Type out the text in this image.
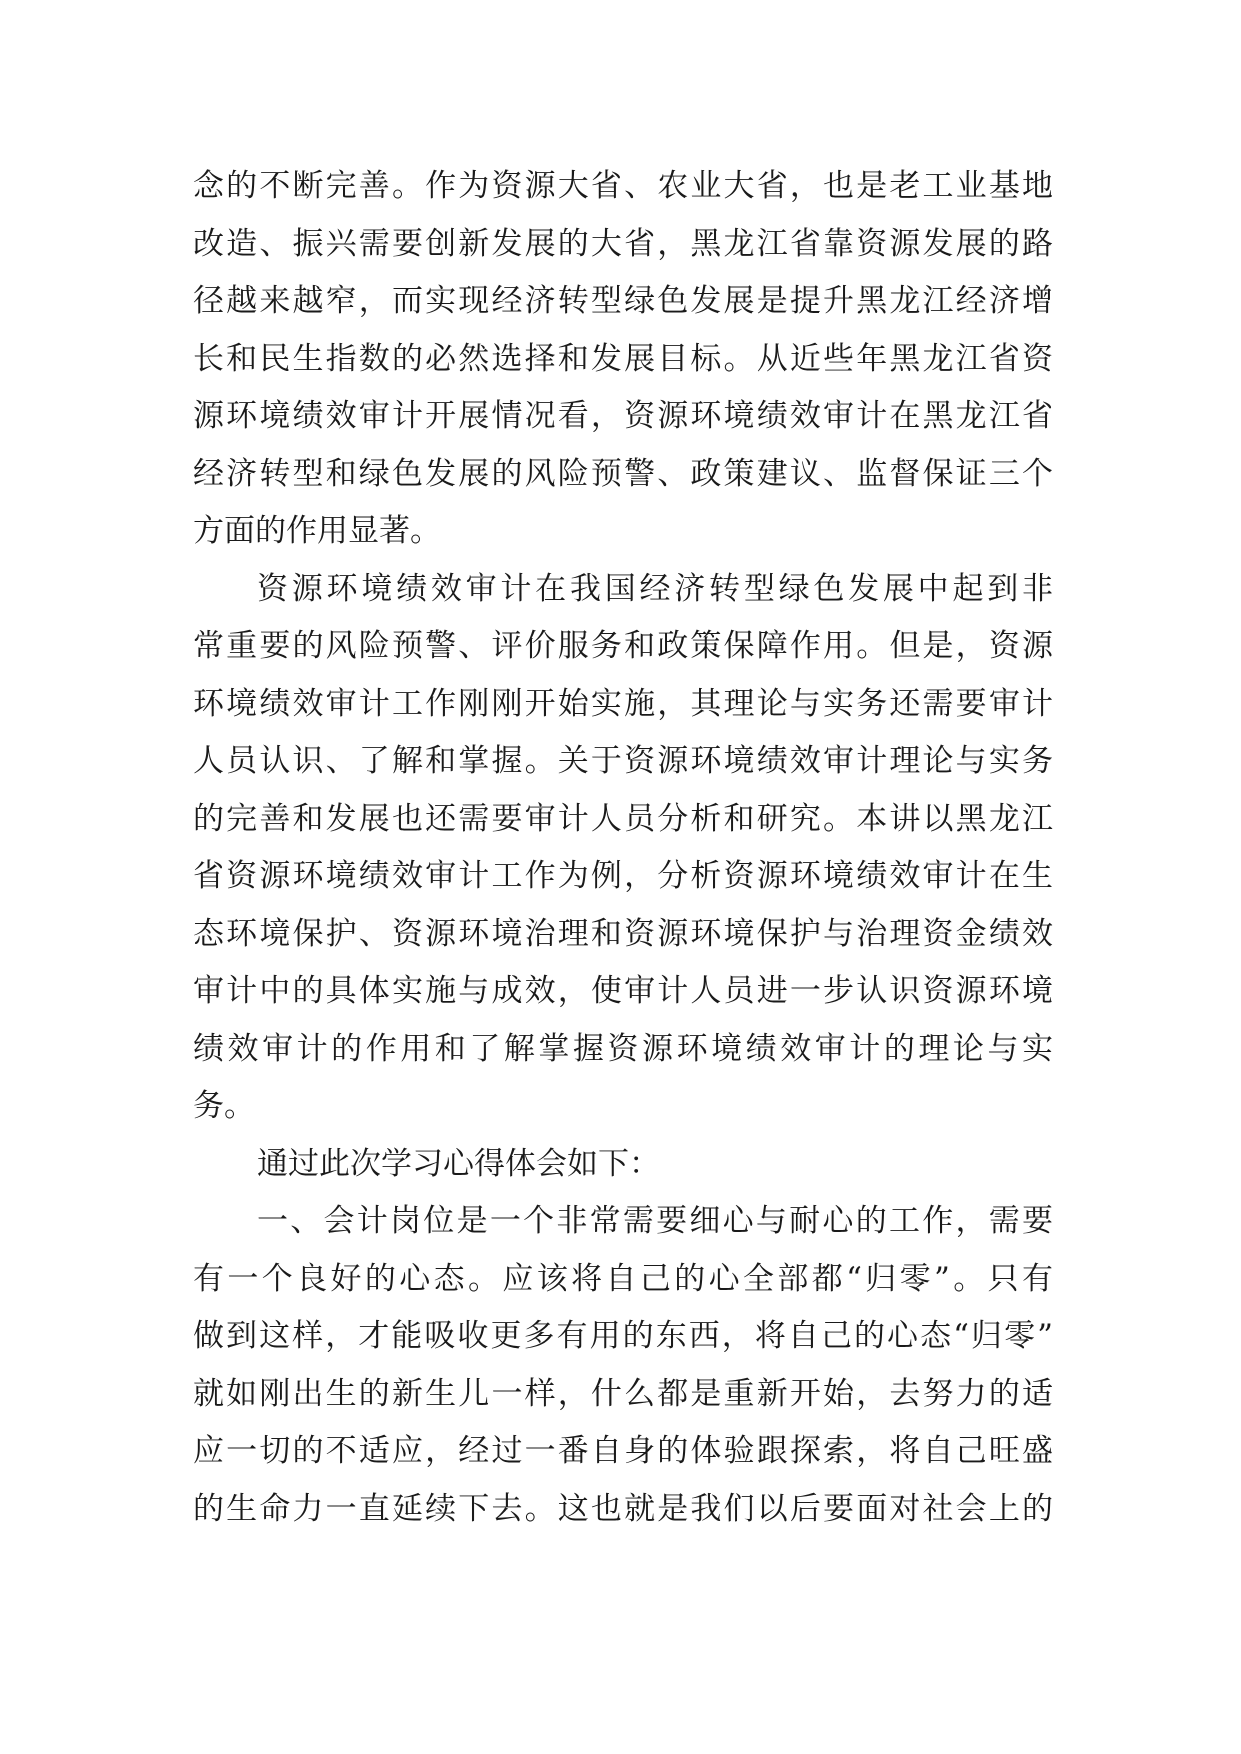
念的不断完善。作为资源大省、农业大省，也是老工业基地
改造、振兴需要创新发展的大省，黑龙江省靠资源发展的路
径越来越窄，而实现经济转型绿色发展是提升黑龙江经济增
长和民生指数的必然选择和发展目标。从近些年黑龙江省资
源环境绩效审计开展情况看，资源环境绩效审计在黑龙江省
经济转型和绿色发展的风险预警、政策建议、监督保证三个
方面的作用显著。
资源环境绩效审计在我国经济转型绿色发展中起到非
常重要的风险预警、评价服务和政策保障作用。但是，资源
环境绩效审计工作刚刚开始实施，其理论与实务还需要审计
人员认识、了解和掌握。关于资源环境绩效审计理论与实务
的完善和发展也还需要审计人员分析和研究。本讲以黑龙江
省资源环境绩效审计工作为例，分析资源环境绩效审计在生
态环境保护、资源环境治理和资源环境保护与治理资金绩效
审计中的具体实施与成效，使审计人员进一步认识资源环境
绩效审计的作用和了解掌握资源环境绩效审计的理论与实
务。
通过此次学习心得体会如下：
一、会计岗位是一个非常需要细心与耐心的工作，需要
有一个良好的心态。应该将自己的心全部都“归零”。只有
做到这样，才能吸收更多有用的东西，将自己的心态“归零”
就如刚出生的新生儿一样，什么都是重新开始，去努力的适
应一切的不适应，经过一番自身的体验跟探索，将自己旺盛
的生命力一直延续下去。这也就是我们以后要面对社会上的
